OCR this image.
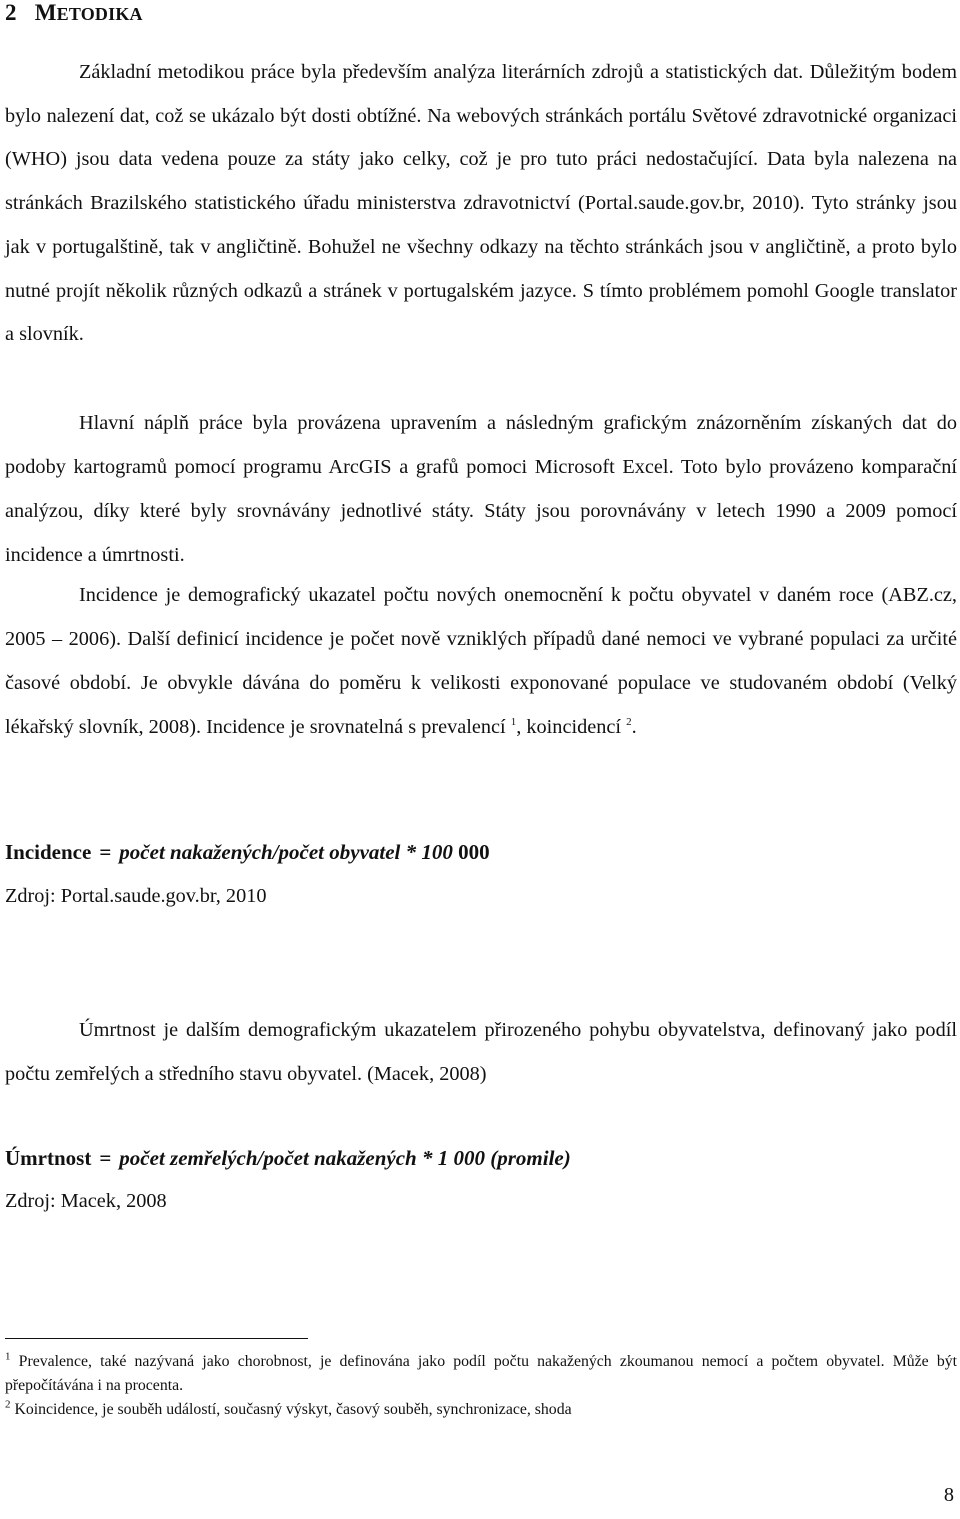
2 METODIKA

Základní metodikou práce byla především analýza literárních zdrojů a statistických dat. Důležitým bodem bylo nalezení dat, což se ukázalo být dosti obtížné. Na webových stránkách portálu Světové zdravotnické organizaci (WHO) jsou data vedena pouze za státy jako celky, což je pro tuto práci nedostačující. Data byla nalezena na stránkách Brazilského statistického úřadu ministerstva zdravotnictví (Portal.saude.gov.br, 2010). Tyto stránky jsou jak v portugalštině, tak v angličtině. Bohužel ne všechny odkazy na těchto stránkách jsou v angličtině, a proto bylo nutné projít několik různých odkazů a stránek v portugalském jazyce. S tímto problémem pomohl Google translator a slovník.

Hlavní náplň práce byla provázena upravením a následným grafickým znázorněním získaných dat do podoby kartogramů pomocí programu ArcGIS a grafů pomoci Microsoft Excel. Toto bylo provázeno komparační analýzou, díky které byly srovnávány jednotlivé státy. Státy jsou porovnávány v letech 1990 a 2009 pomocí incidence a úmrtnosti.

Incidence je demografický ukazatel počtu nových onemocnění k počtu obyvatel v daném roce (ABZ.cz, 2005 – 2006). Další definicí incidence je počet nově vzniklých případů dané nemoci ve vybrané populaci za určité časové období. Je obvykle dávána do poměru k velikosti exponované populace ve studovaném období (Velký lékařský slovník, 2008). Incidence je srovnatelná s prevalencí $^1$, koincidencí $^2$.

Incidence = počet nakažených/počet obyvatel * 100 000

Zdroj: Portal.saude.gov.br, 2010

Úmrtnost je dalším demografickým ukazatelem přirozeného pohybu obyvatelstva, definovaný jako podíl počtu zemřelých a středního stavu obyvatel. (Macek, 2008)

Úmrtnost = počet zemřelých/počet nakažených * 1 000 (promile)

Zdroj: Macek, 2008

$^1$ Prevalence, také nazývaná jako chorobnost, je definována jako podíl počtu nakažených zkoumanou nemocí a počtem obyvatel. Může být přepočítávána i na procenta.

$^2$ Koincidence, je souběh událostí, současný výskyt, časový souběh, synchronizace, shoda

8
